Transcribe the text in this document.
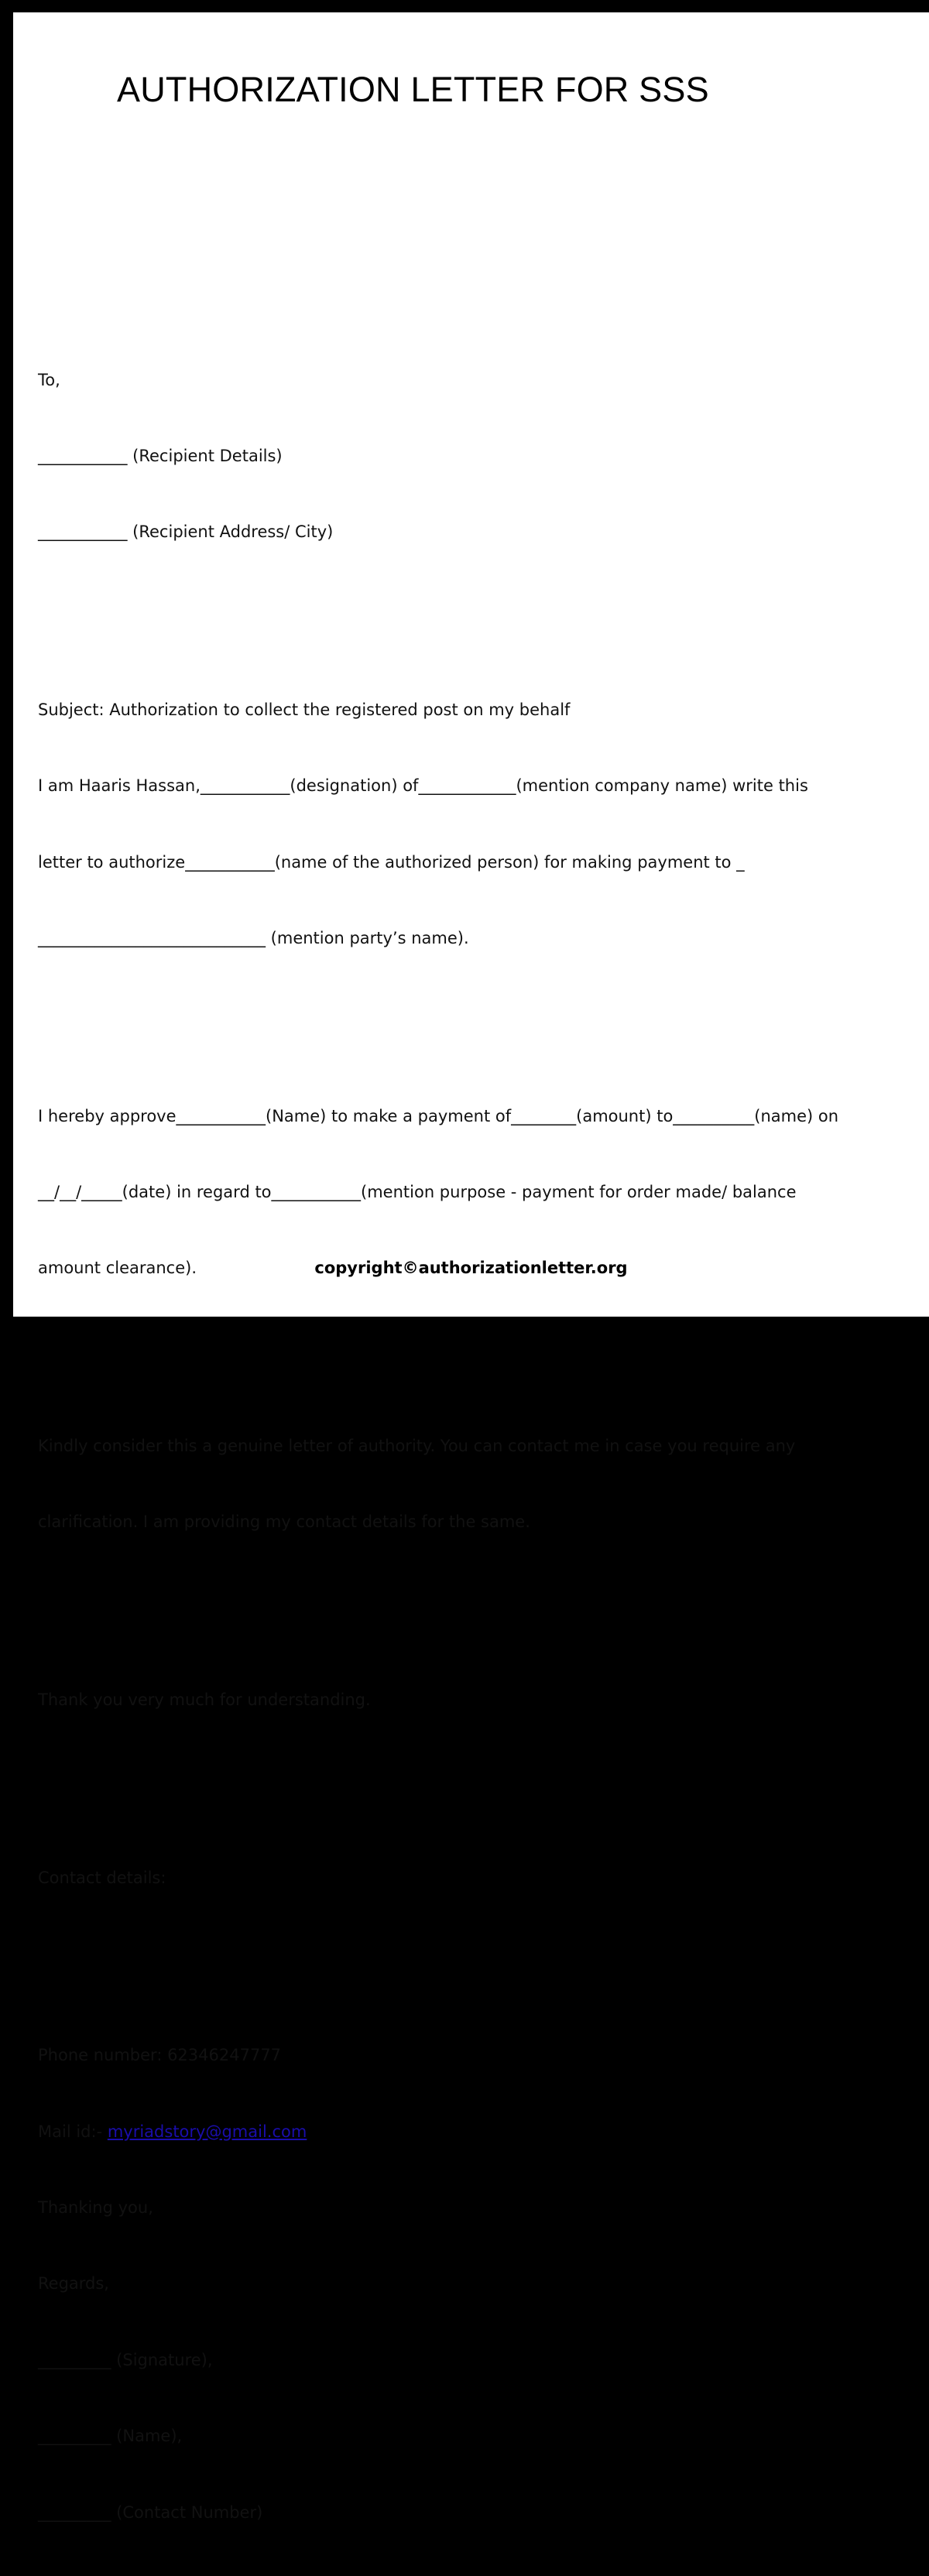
AUTHORIZATION LETTER FOR SSS

To,

___________ (Recipient Details)

___________ (Recipient Address/ City)

Subject: Authorization to collect the registered post on my behalf

I am Haaris Hassan,___________(designation) of____________(mention company name) write this

letter to authorize___________(name of the authorized person) for making payment to _

____________________________ (mention party’s name).

I hereby approve___________(Name) to make a payment of________(amount) to__________(name) on

__/__/_____(date) in regard to___________(mention purpose - payment for order made/ balance

amount clearance).

Kindly consider this a genuine letter of authority. You can contact me in case you require any

clarification. I am providing my contact details for the same.

Thank you very much for understanding.

Contact details:

Phone number: 62346247777

Mail id:- myriadstory@gmail.com

Thanking you,

Regards,

_________ (Signature),

_________ (Name),

_________ (Contact Number)

copyright©authorizationletter.org
